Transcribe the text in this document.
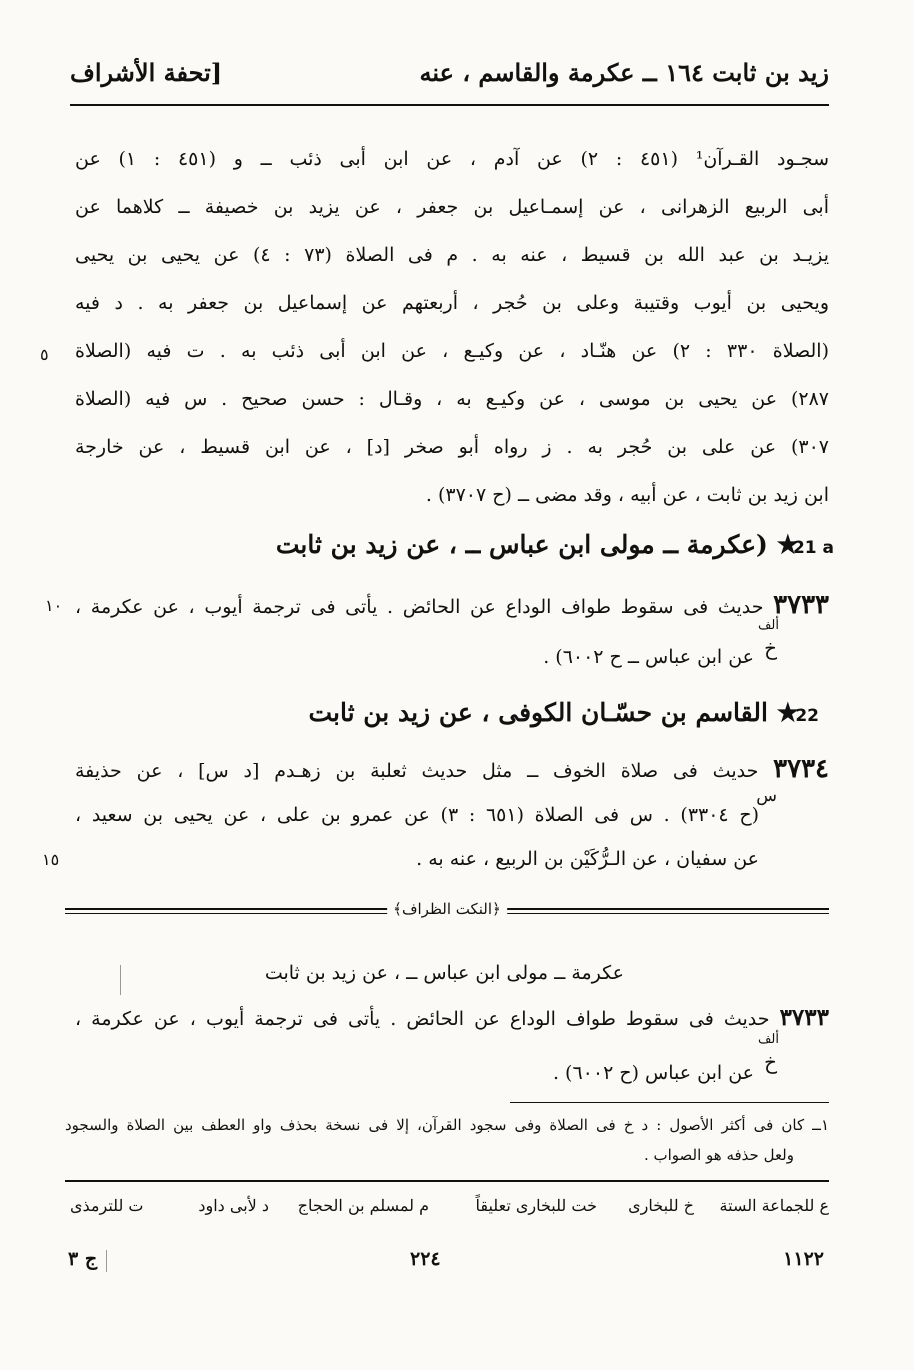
زيد بن ثابت ١٦٤ ــ عكرمة والقاسم ، عنه
[تحفة الأشراف
سجـود القـرآن¹ (٤٥١ : ٢) عن آدم ، عن ابن أبى ذئب ــ و (٤٥١ : ١) عن
أبى الربيع الزهرانى ، عن إسمـاعيل بن جعفر ، عن يزيد بن خصيفة ــ كلاهما عن
يزيـد بن عبد الله بن قسيط ، عنه به . م فى الصلاة (٧٣ : ٤) عن يحيى بن يحيى
ويحيى بن أيوب وقتيبة وعلى بن حُجر ، أربعتهم عن إسماعيل بن جعفر به . د فيه
(الصلاة ٣٣٠ : ٢) عن هنّـاد ، عن وكيـع ، عن ابن أبى ذئب به . ت فيه (الصلاة
٢٨٧) عن يحيى بن موسى ، عن وكيـع به ، وقـال : حسن صحيح . س فيه (الصلاة
٣٠٧) عن على بن حُجر به . ز رواه أبو صخر [د] ، عن ابن قسيط ، عن خارجة
ابن زيد بن ثابت ، عن أبيه ، وقد مضى ــ (ح ٣٧٠٧) .
٥
21 a
★ (عكرمة ــ مولى ابن عباس ــ ، عن زيد بن ثابت
٣٧٣٣ حديث فى سقوط طواف الوداع عن الحائض . يأتى فى ترجمة أيوب ، عن عكرمة ،
١٠
ألف
خ
عن ابن عباس ــ ح ٦٠٠٢) .
22
★ القاسم بن حسّـان الكوفى ، عن زيد بن ثابت
٣٧٣٤ حديث فى صلاة الخوف ــ مثل حديث ثعلبة بن زهـدم [د س] ، عن حذيفة
س
(ح ٣٣٠٤) . س فى الصلاة (٦٥١ : ٣) عن عمرو بن على ، عن يحيى بن سعيد ،
عن سفيان ، عن الـرُّكَيْن بن الربيع ، عنه به .
١٥
﴿النكت الظراف﴾
عكرمة ــ مولى ابن عباس ــ ، عن زيد بن ثابت
٣٧٣٣ حديث فى سقوط طواف الوداع عن الحائض . يأتى فى ترجمة أيوب ، عن عكرمة ،
ألف
خ
عن ابن عباس (ح ٦٠٠٢) .
١ــ كان فى أكثر الأصول : د خ فى الصلاة وفى سجود القرآن، إلا فى نسخة بحذف واو العطف بين الصلاة والسجود
ولعل حذفه هو الصواب .
ع للجماعة الستة
خ للبخارى
خت للبخارى تعليقاً
م لمسلم بن الحجاج
د لأبى داود
ت للترمذى
١١٢٢
٢٢٤
ج ٣
